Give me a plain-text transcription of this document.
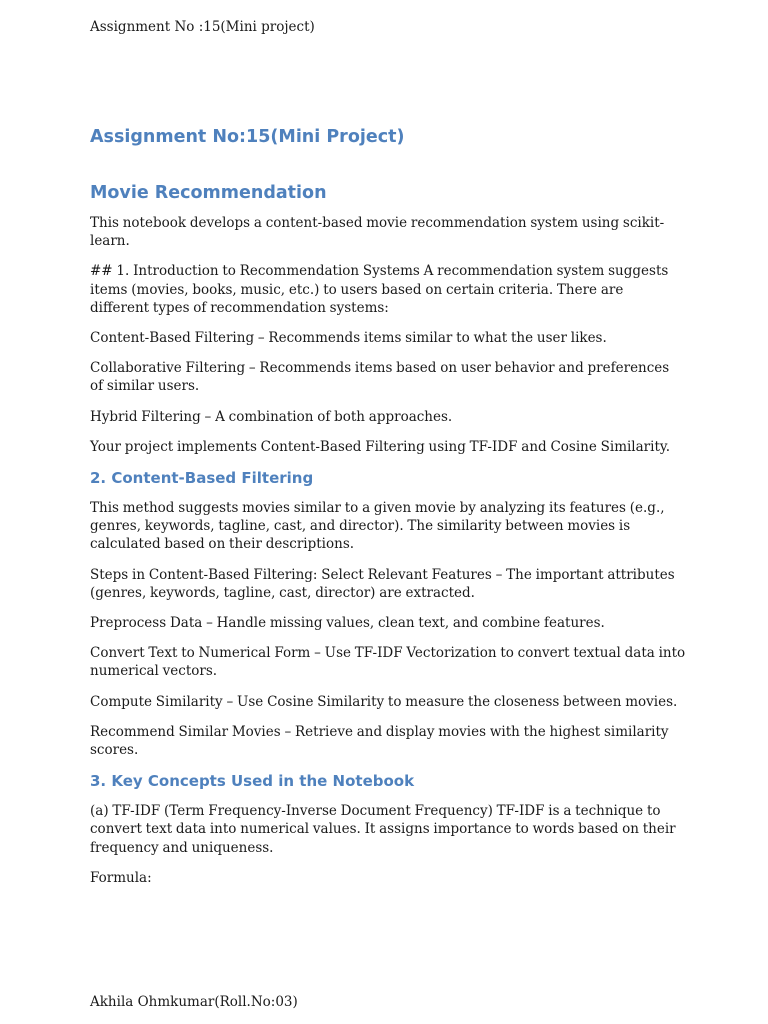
Assignment No :15(Mini project)
Assignment No:15(Mini Project)
Movie Recommendation

This notebook develops a content-based movie recommendation system using scikit-learn.

## 1. Introduction to Recommendation Systems A recommendation system suggests items (movies, books, music, etc.) to users based on certain criteria. There are different types of recommendation systems:

Content-Based Filtering – Recommends items similar to what the user likes.

Collaborative Filtering – Recommends items based on user behavior and preferences of similar users.

Hybrid Filtering – A combination of both approaches.

Your project implements Content-Based Filtering using TF-IDF and Cosine Similarity.

2. Content-Based Filtering

This method suggests movies similar to a given movie by analyzing its features (e.g., genres, keywords, tagline, cast, and director). The similarity between movies is calculated based on their descriptions.

Steps in Content-Based Filtering: Select Relevant Features – The important attributes (genres, keywords, tagline, cast, director) are extracted.

Preprocess Data – Handle missing values, clean text, and combine features.

Convert Text to Numerical Form – Use TF-IDF Vectorization to convert textual data into numerical vectors.

Compute Similarity – Use Cosine Similarity to measure the closeness between movies.

Recommend Similar Movies – Retrieve and display movies with the highest similarity scores.

3. Key Concepts Used in the Notebook

(a) TF-IDF (Term Frequency-Inverse Document Frequency) TF-IDF is a technique to convert text data into numerical values. It assigns importance to words based on their frequency and uniqueness.

Formula:

Akhila Ohmkumar(Roll.No:03)
